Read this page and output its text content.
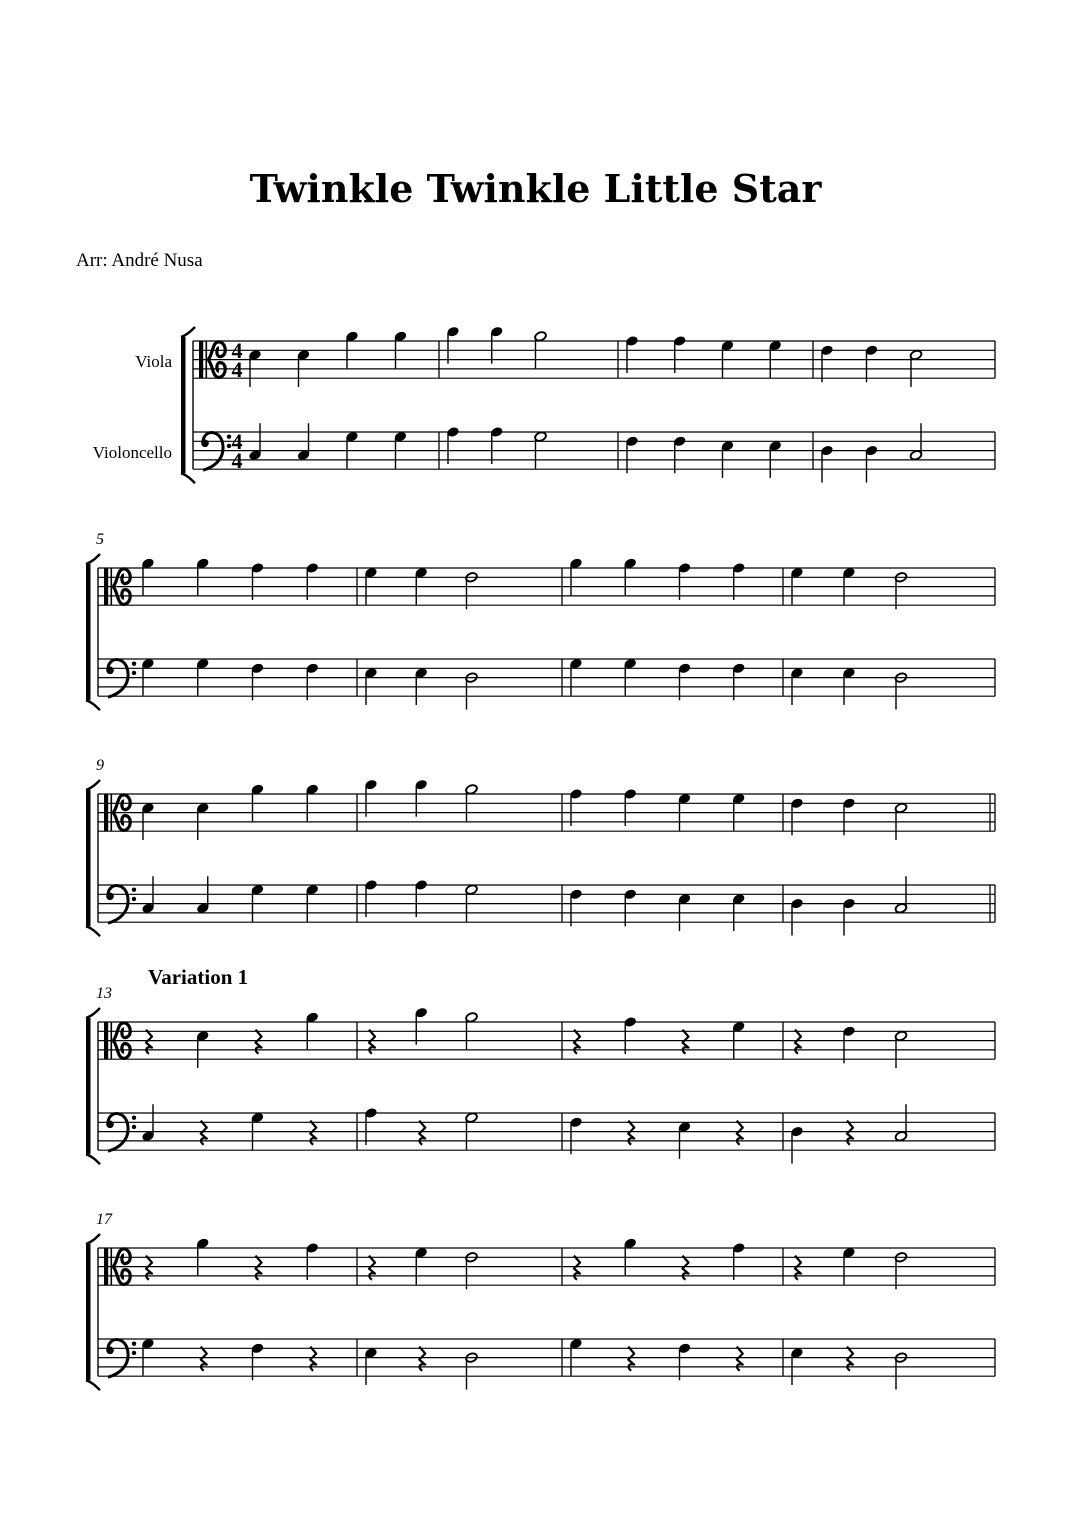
Twinkle Twinkle Little Star
Arr: André Nusa
4
4
4
4
Viola
Violoncello
5
9
13
Variation 1
17
